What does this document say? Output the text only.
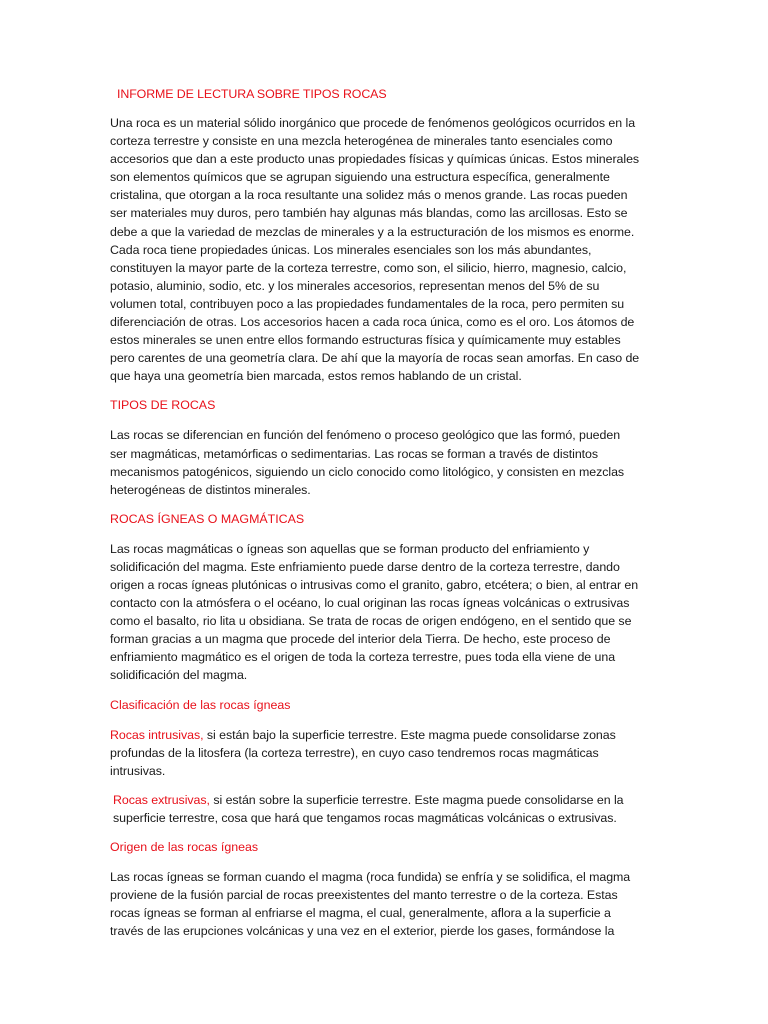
INFORME DE LECTURA SOBRE TIPOS ROCAS

Una roca es un material sólido inorgánico que procede de fenómenos geológicos ocurridos en la corteza terrestre y consiste en una mezcla heterogénea de minerales tanto esenciales como accesorios que dan a este producto unas propiedades físicas y químicas únicas. Estos minerales son elementos químicos que se agrupan siguiendo una estructura específica, generalmente cristalina, que otorgan a la roca resultante una solidez más o menos grande. Las rocas pueden ser materiales muy duros, pero también hay algunas más blandas, como las arcillosas. Esto se debe a que la variedad de mezclas de minerales y a la estructuración de los mismos es enorme. Cada roca tiene propiedades únicas. Los minerales esenciales son los más abundantes, constituyen la mayor parte de la corteza terrestre, como son, el silicio, hierro, magnesio, calcio, potasio, aluminio, sodio, etc. y los minerales accesorios, representan menos del 5% de su volumen total, contribuyen poco a las propiedades fundamentales de la roca, pero permiten su diferenciación de otras. Los accesorios hacen a cada roca única, como es el oro. Los átomos de estos minerales se unen entre ellos formando estructuras física y químicamente muy estables pero carentes de una geometría clara. De ahí que la mayoría de rocas sean amorfas. En caso de que haya una geometría bien marcada, estos remos hablando de un cristal.

TIPOS DE ROCAS

Las rocas se diferencian en función del fenómeno o proceso geológico que las formó, pueden ser magmáticas, metamórficas o sedimentarias. Las rocas se forman a través de distintos mecanismos patogénicos, siguiendo un ciclo conocido como litológico, y consisten en mezclas heterogéneas de distintos minerales.

ROCAS ÍGNEAS O MAGMÁTICAS

Las rocas magmáticas o ígneas son aquellas que se forman producto del enfriamiento y solidificación del magma. Este enfriamiento puede darse dentro de la corteza terrestre, dando origen a rocas ígneas plutónicas o intrusivas como el granito, gabro, etcétera; o bien, al entrar en contacto con la atmósfera o el océano, lo cual originan las rocas ígneas volcánicas o extrusivas como el basalto, rio lita u obsidiana. Se trata de rocas de origen endógeno, en el sentido que se forman gracias a un magma que procede del interior dela Tierra. De hecho, este proceso de enfriamiento magmático es el origen de toda la corteza terrestre, pues toda ella viene de una solidificación del magma.

Clasificación de las rocas ígneas

Rocas intrusivas, si están bajo la superficie terrestre. Este magma puede consolidarse zonas profundas de la litosfera (la corteza terrestre), en cuyo caso tendremos rocas magmáticas intrusivas.

Rocas extrusivas, si están sobre la superficie terrestre. Este magma puede consolidarse en la superficie terrestre, cosa que hará que tengamos rocas magmáticas volcánicas o extrusivas.

Origen de las rocas ígneas

Las rocas ígneas se forman cuando el magma (roca fundida) se enfría y se solidifica, el magma proviene de la fusión parcial de rocas preexistentes del manto terrestre o de la corteza. Estas rocas ígneas se forman al enfriarse el magma, el cual, generalmente, aflora a la superficie a través de las erupciones volcánicas y una vez en el exterior, pierde los gases, formándose la
